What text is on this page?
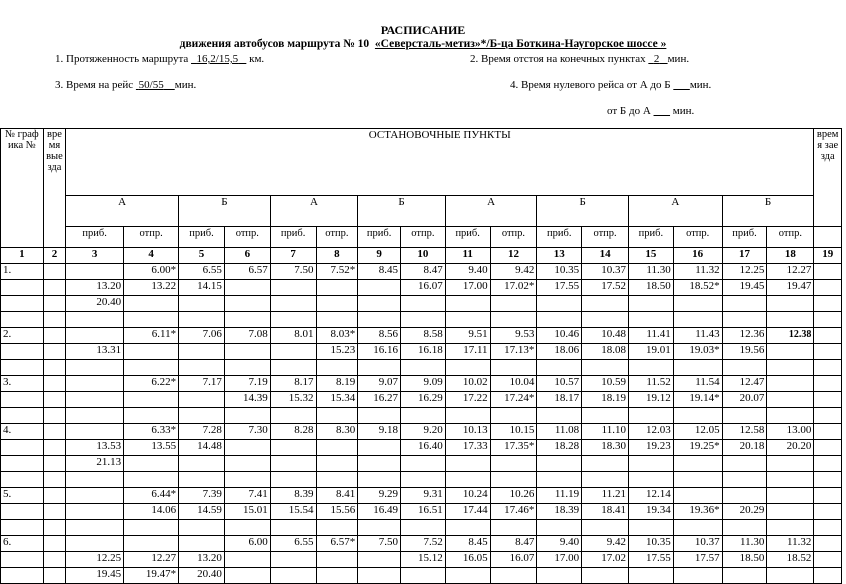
РАСПИСАНИЕ
движения автобусов маршрута № 10 «Северсталь-метиз»*/Б-ца Боткина-Наугорское шоссе »
1. Протяженность маршрута 16,2/15,5 км.	2. Время отстоя на конечных пунктах 2 мин.
3. Время на рейс 50/55 мин.	4. Время нулевого рейса от А до Б мин.
от Б до А мин.
№ графика №	время выезда	ОСТАНОВОЧНЫЕ ПУНКТЫ																время заезда
		А		Б		А		Б		А		Б		А		Б		
		приб.	отпр.	приб.	отпр.	приб.	отпр.	приб.	отпр.	приб.	отпр.	приб.	отпр.	приб.	отпр.	приб.	отпр.	
1	2	3	4	5	6	7	8	9	10	11	12	13	14	15	16	17	18	19
1.			6.00*	6.55	6.57	7.50	7.52*	8.45	8.47	9.40	9.42	10.35	10.37	11.30	11.32	12.25	12.27	
		13.20	13.22	14.15					16.07	17.00	17.02*	17.55	17.52	18.50	18.52*	19.45	19.47	
		20.40																

2.			6.11*	7.06	7.08	8.01	8.03*	8.56	8.58	9.51	9.53	10.46	10.48	11.41	11.43	12.36	12.38	
		13.31					15.23	16.16	16.18	17.11	17.13*	18.06	18.08	19.01	19.03*	19.56		

3.			6.22*	7.17	7.19	8.17	8.19	9.07	9.09	10.02	10.04	10.57	10.59	11.52	11.54	12.47		
					14.39	15.32	15.34	16.27	16.29	17.22	17.24*	18.17	18.19	19.12	19.14*	20.07		

4.			6.33*	7.28	7.30	8.28	8.30	9.18	9.20	10.13	10.15	11.08	11.10	12.03	12.05	12.58	13.00	
		13.53	13.55	14.48					16.40	17.33	17.35*	18.28	18.30	19.23	19.25*	20.18	20.20	
		21.13																

5.			6.44*	7.39	7.41	8.39	8.41	9.29	9.31	10.24	10.26	11.19	11.21	12.14				
			14.06	14.59	15.01	15.54	15.56	16.49	16.51	17.44	17.46*	18.39	18.41	19.34	19.36*	20.29		

6.					6.00	6.55	6.57*	7.50	7.52	8.45	8.47	9.40	9.42	10.35	10.37	11.30	11.32	
		12.25	12.27	13.20					15.12	16.05	16.07	17.00	17.02	17.55	17.57	18.50	18.52	
		19.45	19.47*	20.40														
